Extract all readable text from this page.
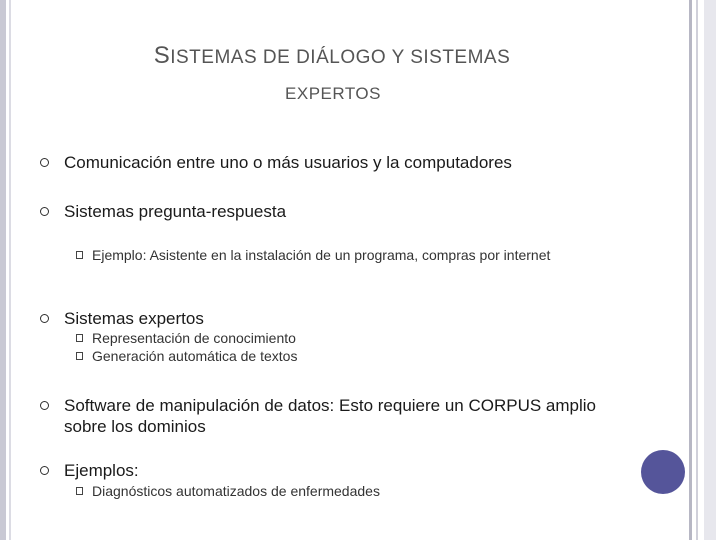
SISTEMAS DE DIÁLOGO Y SISTEMAS
EXPERTOS
Comunicación entre uno o más usuarios y la computadores
Sistemas pregunta-respuesta
Ejemplo: Asistente en la instalación de un programa, compras por internet
Sistemas expertos
Representación de conocimiento
Generación automática de textos
Software de manipulación de datos: Esto requiere un CORPUS amplio sobre los dominios
Ejemplos:
Diagnósticos automatizados de enfermedades
